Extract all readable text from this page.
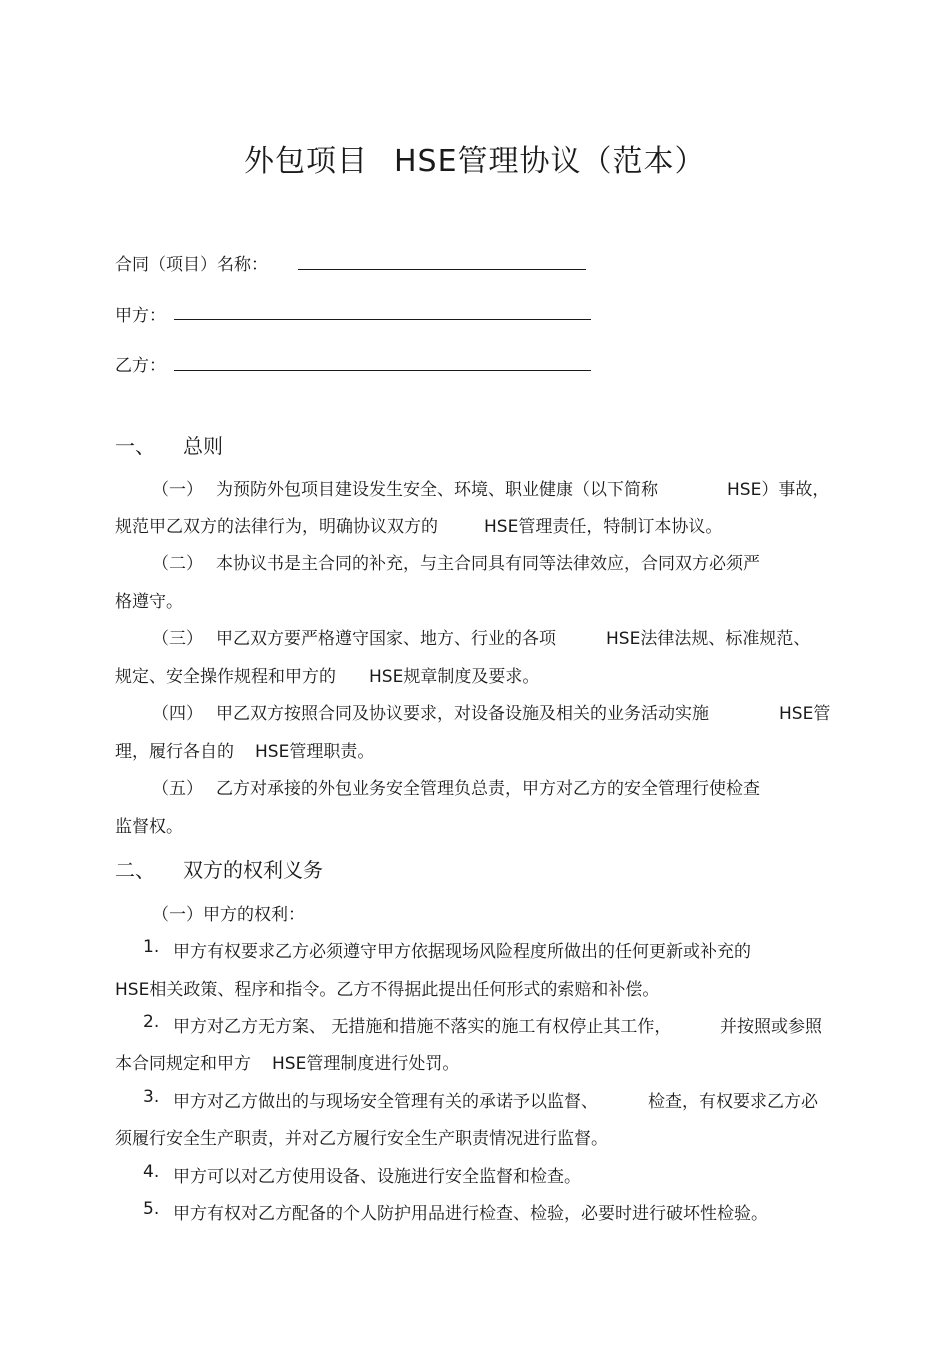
外包项目 HSE管理协议（范本）
合同（项目）名称：
甲方：
乙方：
一、 总则
（一） 为预防外包项目建设发生安全、环境、职业健康（以下简称	HSE）事故，
规范甲乙双方的法律行为，明确协议双方的	HSE管理责任，特制订本协议。
（二） 本协议书是主合同的补充，与主合同具有同等法律效应，合同双方必须严
格遵守。
（三） 甲乙双方要严格遵守国家、地方、行业的各项	HSE法律法规、标准规范、
规定、安全操作规程和甲方的 HSE规章制度及要求。
（四） 甲乙双方按照合同及协议要求，对设备设施及相关的业务活动实施	HSE管
理，履行各自的 HSE管理职责。
（五） 乙方对承接的外包业务安全管理负总责，甲方对乙方的安全管理行使检查
监督权。
二、 双方的权利义务
（一）甲方的权利：
1. 甲方有权要求乙方必须遵守甲方依据现场风险程度所做出的任何更新或补充的
HSE相关政策、程序和指令。乙方不得据此提出任何形式的索赔和补偿。
2. 甲方对乙方无方案、 无措施和措施不落实的施工有权停止其工作，	并按照或参照
本合同规定和甲方 HSE管理制度进行处罚。
3. 甲方对乙方做出的与现场安全管理有关的承诺予以监督、	检查，有权要求乙方必
须履行安全生产职责，并对乙方履行安全生产职责情况进行监督。
4. 甲方可以对乙方使用设备、设施进行安全监督和检查。
5. 甲方有权对乙方配备的个人防护用品进行检查、检验，必要时进行破坏性检验。
